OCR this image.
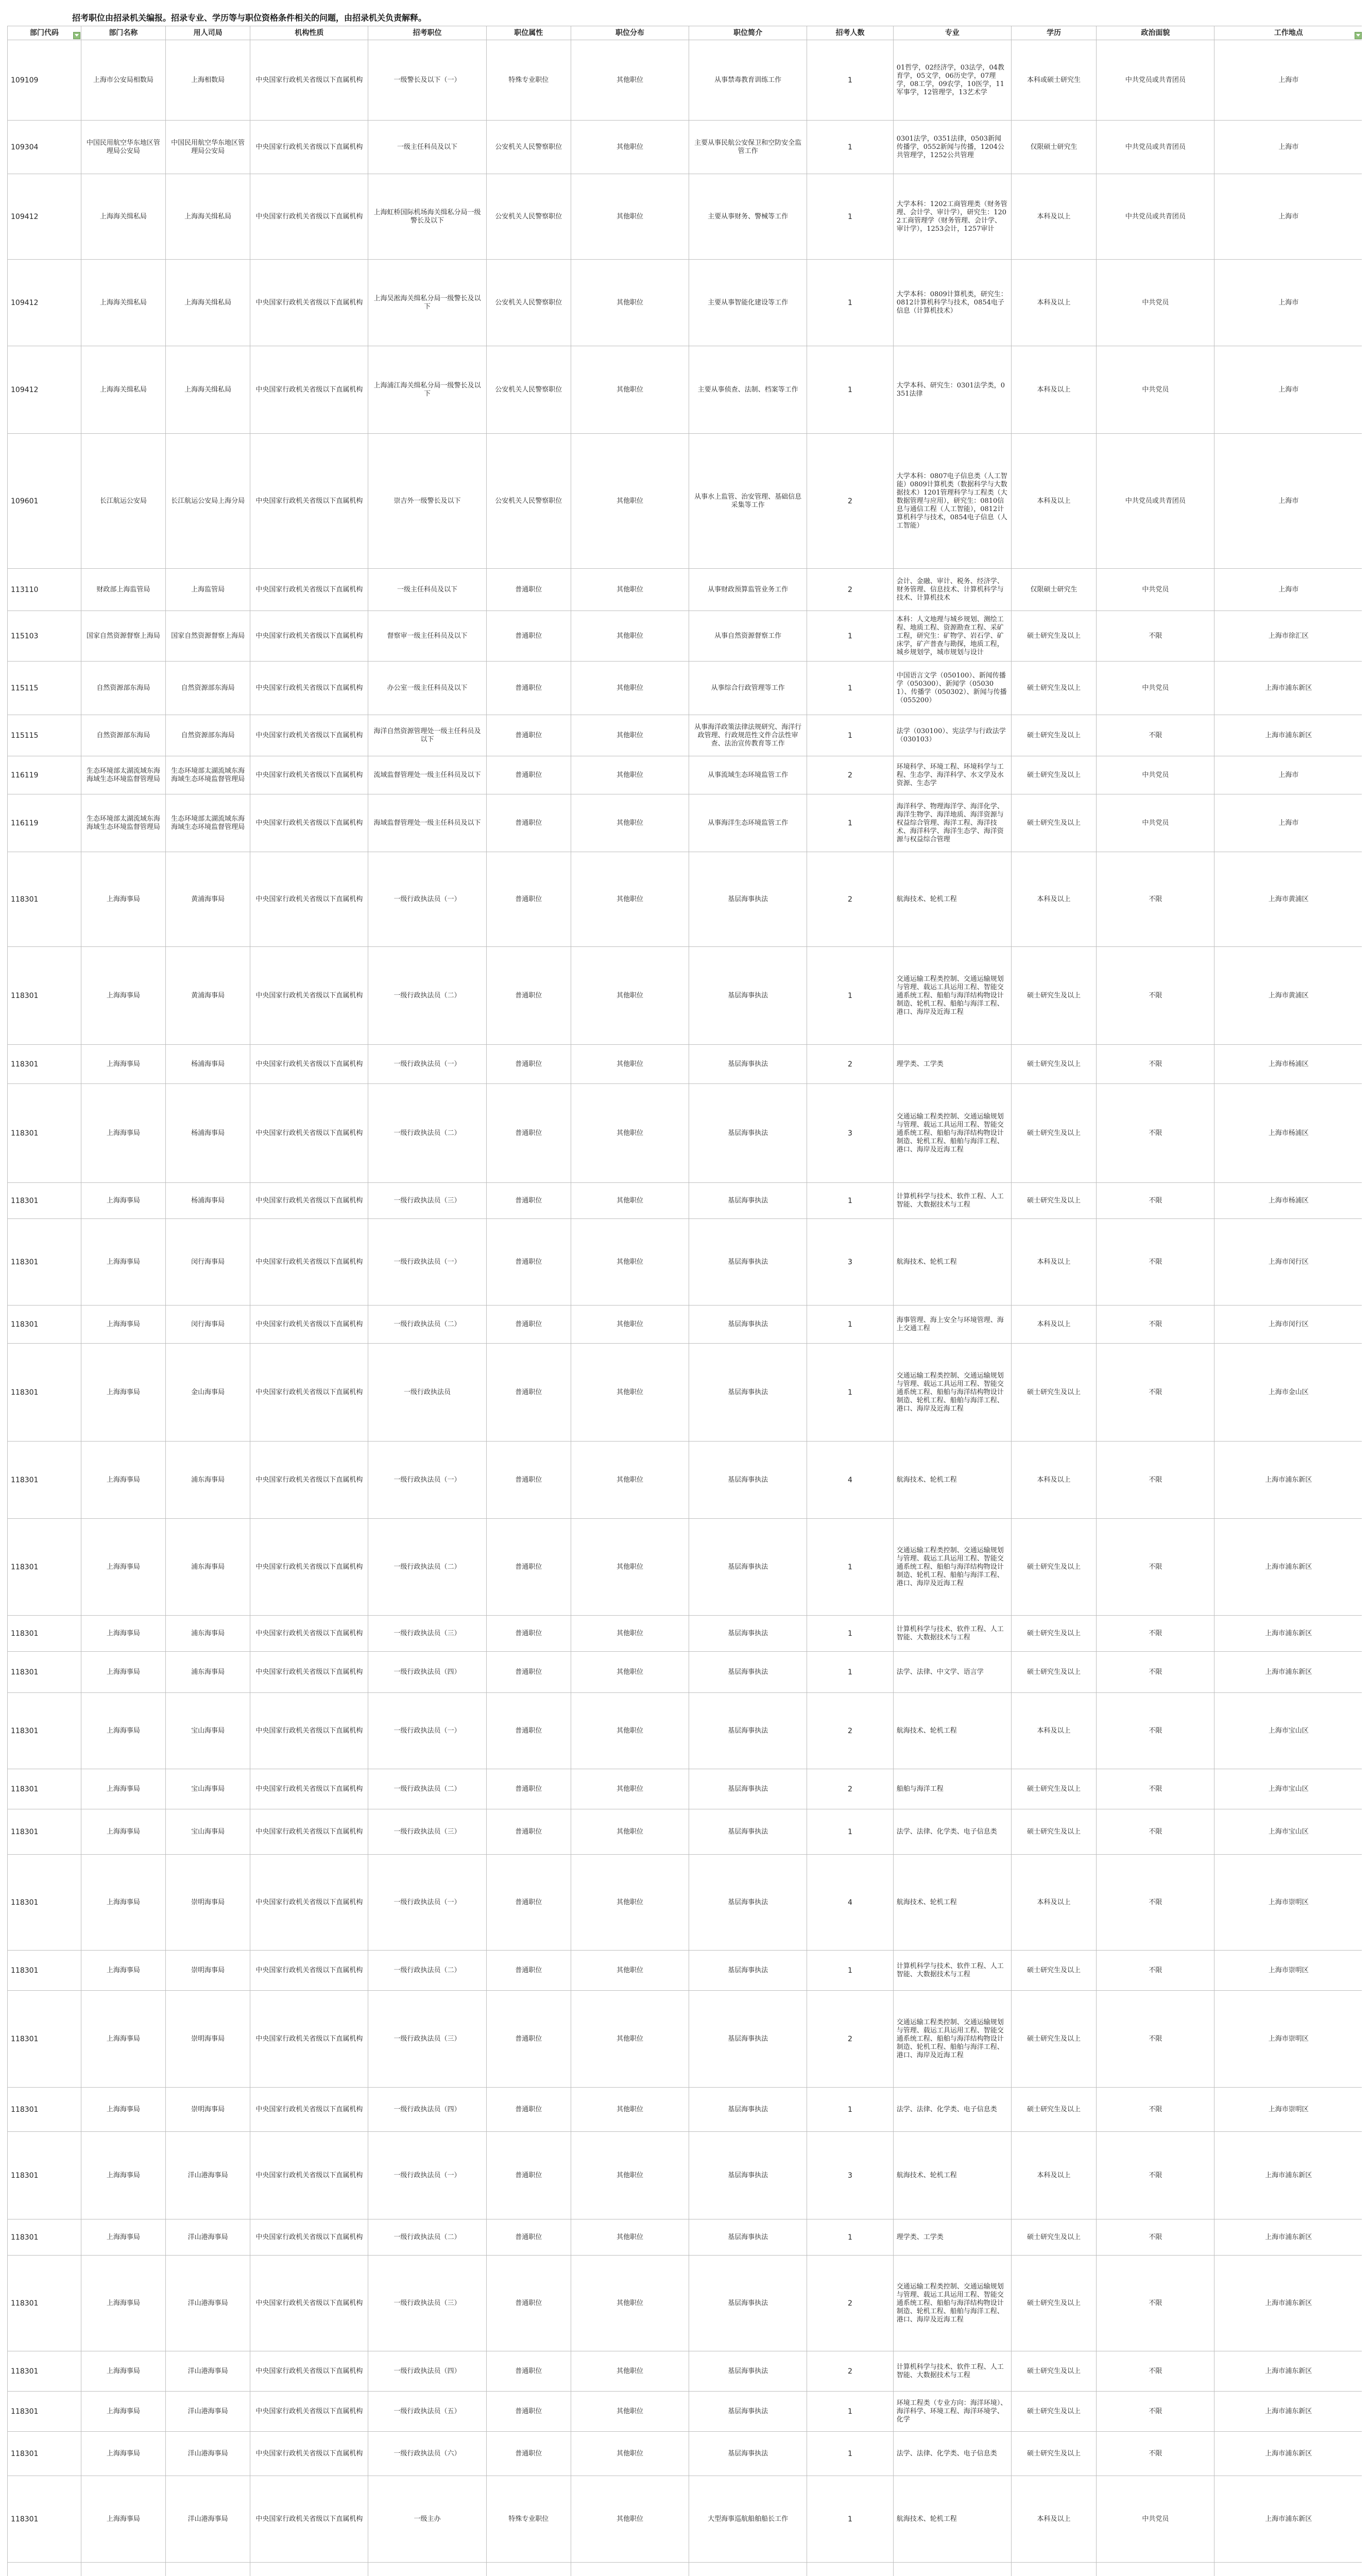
招考职位由招录机关编报。招录专业、学历等与职位资格条件相关的问题，由招录机关负责解释。
部门代码	部门名称	用人司局	机构性质	招考职位	职位属性	职位分布	职位简介	招考人数	专业	学历	政治面貌	工作地点

109109	上海市公安局相数局	上海相数局	中央国家行政机关省级以下直属机构	一级警长及以下（一）	特殊专业职位	其他职位	从事禁毒教育训练工作	1	01哲学，02经济学，03法学，04教育学，05文学，06历史学，07理学，08工学，09农学，10医学，11军事学，12管理学，13艺术学	本科或硕士研究生	中共党员或共青团员	上海市
109304	中国民用航空华东地区管理局公安局	中国民用航空华东地区管理局公安局	中央国家行政机关省级以下直属机构	一级主任科员及以下	公安机关人民警察职位	其他职位	主要从事民航公安保卫和空防安全监管工作	1	0301法学，0351法律，0503新闻传播学，0552新闻与传播，1204公共管理学，1252公共管理	仅限硕士研究生	中共党员或共青团员	上海市
109412	上海海关缉私局	上海海关缉私局	中央国家行政机关省级以下直属机构	上海虹桥国际机场海关缉私分局一级警长及以下	公安机关人民警察职位	其他职位	主要从事财务、警械等工作	1	大学本科：1202工商管理类（财务管理、会计学、审计学），研究生：1202工商管理学（财务管理、会计学、审计学），1253会计，1257审计	本科及以上	中共党员或共青团员	上海市
109412	上海海关缉私局	上海海关缉私局	中央国家行政机关省级以下直属机构	上海吴淞海关缉私分局一级警长及以下	公安机关人民警察职位	其他职位	主要从事智能化建设等工作	1	大学本科：0809计算机类，研究生：0812计算机科学与技术，0854电子信息（计算机技术）	本科及以上	中共党员	上海市
109412	上海海关缉私局	上海海关缉私局	中央国家行政机关省级以下直属机构	上海浦江海关缉私分局一级警长及以下	公安机关人民警察职位	其他职位	主要从事侦查、法制、档案等工作	1	大学本科、研究生：0301法学类，0351法律	本科及以上	中共党员	上海市
109601	长江航运公安局	长江航运公安局上海分局	中央国家行政机关省级以下直属机构	崇吉外一级警长及以下	公安机关人民警察职位	其他职位	从事水上监管、治安管理、基础信息采集等工作	2	大学本科：0807电子信息类（人工智能）0809计算机类（数据科学与大数据技术）1201管理科学与工程类（大数据管理与应用），研究生：0810信息与通信工程（人工智能），0812计算机科学与技术，0854电子信息（人工智能）	本科及以上	中共党员或共青团员	上海市
113110	财政部上海监管局	上海监管局	中央国家行政机关省级以下直属机构	一级主任科员及以下	普通职位	其他职位	从事财政预算监管业务工作	2	会计、金融、审计、税务、经济学、财务管理、信息技术、计算机科学与技术、计算机技术	仅限硕士研究生	中共党员	上海市
115103	国家自然资源督察上海局	国家自然资源督察上海局	中央国家行政机关省级以下直属机构	督察审一级主任科员及以下	普通职位	其他职位	从事自然资源督察工作	1	本科：人文地理与城乡规划、测绘工程、地质工程、资源勘查工程、采矿工程，研究生：矿物学、岩石学、矿床学，矿产普查与勘探，地质工程，城乡规划学，城市规划与设计	硕士研究生及以上	不限	上海市徐汇区
115115	自然资源部东海局	自然资源部东海局	中央国家行政机关省级以下直属机构	办公室一级主任科员及以下	普通职位	其他职位	从事综合行政管理等工作	1	中国语言文学（050100）、新闻传播学（050300）、新闻学（050301）、传播学（050302）、新闻与传播（055200）	硕士研究生及以上	中共党员	上海市浦东新区
115115	自然资源部东海局	自然资源部东海局	中央国家行政机关省级以下直属机构	海洋自然资源管理处一级主任科员及以下	普通职位	其他职位	从事海洋政策法律法规研究、海洋行政管理、行政规范性文件合法性审查、法治宣传教育等工作	1	法学（030100）、宪法学与行政法学（030103）	硕士研究生及以上	不限	上海市浦东新区
116119	生态环境部太湖流域东海海域生态环境监督管理局	生态环境部太湖流域东海海域生态环境监督管理局	中央国家行政机关省级以下直属机构	流域监督管理处一级主任科员及以下	普通职位	其他职位	从事流域生态环境监管工作	2	环境科学、环境工程、环境科学与工程、生态学、海洋科学、水文学及水资源、生态学	硕士研究生及以上	中共党员	上海市
116119	生态环境部太湖流域东海海域生态环境监督管理局	生态环境部太湖流域东海海域生态环境监督管理局	中央国家行政机关省级以下直属机构	海域监督管理处一级主任科员及以下	普通职位	其他职位	从事海洋生态环境监管工作	1	海洋科学、物理海洋学、海洋化学、海洋生物学、海洋地质、海洋资源与权益综合管理、海洋工程、海洋技术、海洋科学、海洋生态学、海洋资源与权益综合管理	硕士研究生及以上	中共党员	上海市
118301	上海海事局	黄浦海事局	中央国家行政机关省级以下直属机构	一级行政执法员（一）	普通职位	其他职位	基层海事执法	2	航海技术、轮机工程	本科及以上	不限	上海市黄浦区
118301	上海海事局	黄浦海事局	中央国家行政机关省级以下直属机构	一级行政执法员（二）	普通职位	其他职位	基层海事执法	1	交通运输工程类控制、交通运输规划与管理、载运工具运用工程、智能交通系统工程、船舶与海洋结构物设计制造、轮机工程、船舶与海洋工程、港口、海岸及近海工程	硕士研究生及以上	不限	上海市黄浦区
118301	上海海事局	杨浦海事局	中央国家行政机关省级以下直属机构	一级行政执法员（一）	普通职位	其他职位	基层海事执法	2	理学类、工学类	硕士研究生及以上	不限	上海市杨浦区
118301	上海海事局	杨浦海事局	中央国家行政机关省级以下直属机构	一级行政执法员（二）	普通职位	其他职位	基层海事执法	3	交通运输工程类控制、交通运输规划与管理、载运工具运用工程、智能交通系统工程、船舶与海洋结构物设计制造、轮机工程、船舶与海洋工程、港口、海岸及近海工程	硕士研究生及以上	不限	上海市杨浦区
118301	上海海事局	杨浦海事局	中央国家行政机关省级以下直属机构	一级行政执法员（三）	普通职位	其他职位	基层海事执法	1	计算机科学与技术、软件工程、人工智能、大数据技术与工程	硕士研究生及以上	不限	上海市杨浦区
118301	上海海事局	闵行海事局	中央国家行政机关省级以下直属机构	一级行政执法员（一）	普通职位	其他职位	基层海事执法	3	航海技术、轮机工程	本科及以上	不限	上海市闵行区
118301	上海海事局	闵行海事局	中央国家行政机关省级以下直属机构	一级行政执法员（二）	普通职位	其他职位	基层海事执法	1	海事管理、海上安全与环境管理、海上交通工程	本科及以上	不限	上海市闵行区
118301	上海海事局	金山海事局	中央国家行政机关省级以下直属机构	一级行政执法员	普通职位	其他职位	基层海事执法	1	交通运输工程类控制、交通运输规划与管理、载运工具运用工程、智能交通系统工程、船舶与海洋结构物设计制造、轮机工程、船舶与海洋工程、港口、海岸及近海工程	硕士研究生及以上	不限	上海市金山区
118301	上海海事局	浦东海事局	中央国家行政机关省级以下直属机构	一级行政执法员（一）	普通职位	其他职位	基层海事执法	4	航海技术、轮机工程	本科及以上	不限	上海市浦东新区
118301	上海海事局	浦东海事局	中央国家行政机关省级以下直属机构	一级行政执法员（二）	普通职位	其他职位	基层海事执法	1	交通运输工程类控制、交通运输规划与管理、载运工具运用工程、智能交通系统工程、船舶与海洋结构物设计制造、轮机工程、船舶与海洋工程、港口、海岸及近海工程	硕士研究生及以上	不限	上海市浦东新区
118301	上海海事局	浦东海事局	中央国家行政机关省级以下直属机构	一级行政执法员（三）	普通职位	其他职位	基层海事执法	1	计算机科学与技术、软件工程、人工智能、大数据技术与工程	硕士研究生及以上	不限	上海市浦东新区
118301	上海海事局	浦东海事局	中央国家行政机关省级以下直属机构	一级行政执法员（四）	普通职位	其他职位	基层海事执法	1	法学、法律、中文学、语言学	硕士研究生及以上	不限	上海市浦东新区
118301	上海海事局	宝山海事局	中央国家行政机关省级以下直属机构	一级行政执法员（一）	普通职位	其他职位	基层海事执法	2	航海技术、轮机工程	本科及以上	不限	上海市宝山区
118301	上海海事局	宝山海事局	中央国家行政机关省级以下直属机构	一级行政执法员（二）	普通职位	其他职位	基层海事执法	2	船舶与海洋工程	硕士研究生及以上	不限	上海市宝山区
118301	上海海事局	宝山海事局	中央国家行政机关省级以下直属机构	一级行政执法员（三）	普通职位	其他职位	基层海事执法	1	法学、法律、化学类、电子信息类	硕士研究生及以上	不限	上海市宝山区
118301	上海海事局	崇明海事局	中央国家行政机关省级以下直属机构	一级行政执法员（一）	普通职位	其他职位	基层海事执法	4	航海技术、轮机工程	本科及以上	不限	上海市崇明区
118301	上海海事局	崇明海事局	中央国家行政机关省级以下直属机构	一级行政执法员（二）	普通职位	其他职位	基层海事执法	1	计算机科学与技术、软件工程、人工智能、大数据技术与工程	硕士研究生及以上	不限	上海市崇明区
118301	上海海事局	崇明海事局	中央国家行政机关省级以下直属机构	一级行政执法员（三）	普通职位	其他职位	基层海事执法	2	交通运输工程类控制、交通运输规划与管理、载运工具运用工程、智能交通系统工程、船舶与海洋结构物设计制造、轮机工程、船舶与海洋工程、港口、海岸及近海工程	硕士研究生及以上	不限	上海市崇明区
118301	上海海事局	崇明海事局	中央国家行政机关省级以下直属机构	一级行政执法员（四）	普通职位	其他职位	基层海事执法	1	法学、法律、化学类、电子信息类	硕士研究生及以上	不限	上海市崇明区
118301	上海海事局	洋山港海事局	中央国家行政机关省级以下直属机构	一级行政执法员（一）	普通职位	其他职位	基层海事执法	3	航海技术、轮机工程	本科及以上	不限	上海市浦东新区
118301	上海海事局	洋山港海事局	中央国家行政机关省级以下直属机构	一级行政执法员（二）	普通职位	其他职位	基层海事执法	1	理学类、工学类	硕士研究生及以上	不限	上海市浦东新区
118301	上海海事局	洋山港海事局	中央国家行政机关省级以下直属机构	一级行政执法员（三）	普通职位	其他职位	基层海事执法	2	交通运输工程类控制、交通运输规划与管理、载运工具运用工程、智能交通系统工程、船舶与海洋结构物设计制造、轮机工程、船舶与海洋工程、港口、海岸及近海工程	硕士研究生及以上	不限	上海市浦东新区
118301	上海海事局	洋山港海事局	中央国家行政机关省级以下直属机构	一级行政执法员（四）	普通职位	其他职位	基层海事执法	2	计算机科学与技术、软件工程、人工智能、大数据技术与工程	硕士研究生及以上	不限	上海市浦东新区
118301	上海海事局	洋山港海事局	中央国家行政机关省级以下直属机构	一级行政执法员（五）	普通职位	其他职位	基层海事执法	1	环境工程类（专业方向：海洋环境）、海洋科学、环境工程、海洋环境学、化学	硕士研究生及以上	不限	上海市浦东新区
118301	上海海事局	洋山港海事局	中央国家行政机关省级以下直属机构	一级行政执法员（六）	普通职位	其他职位	基层海事执法	1	法学、法律、化学类、电子信息类	硕士研究生及以上	不限	上海市浦东新区
118301	上海海事局	洋山港海事局	中央国家行政机关省级以下直属机构	一级主办	特殊专业职位	其他职位	大型海事巡航船舶船长工作	1	航海技术、轮机工程	本科及以上	中共党员	上海市浦东新区
